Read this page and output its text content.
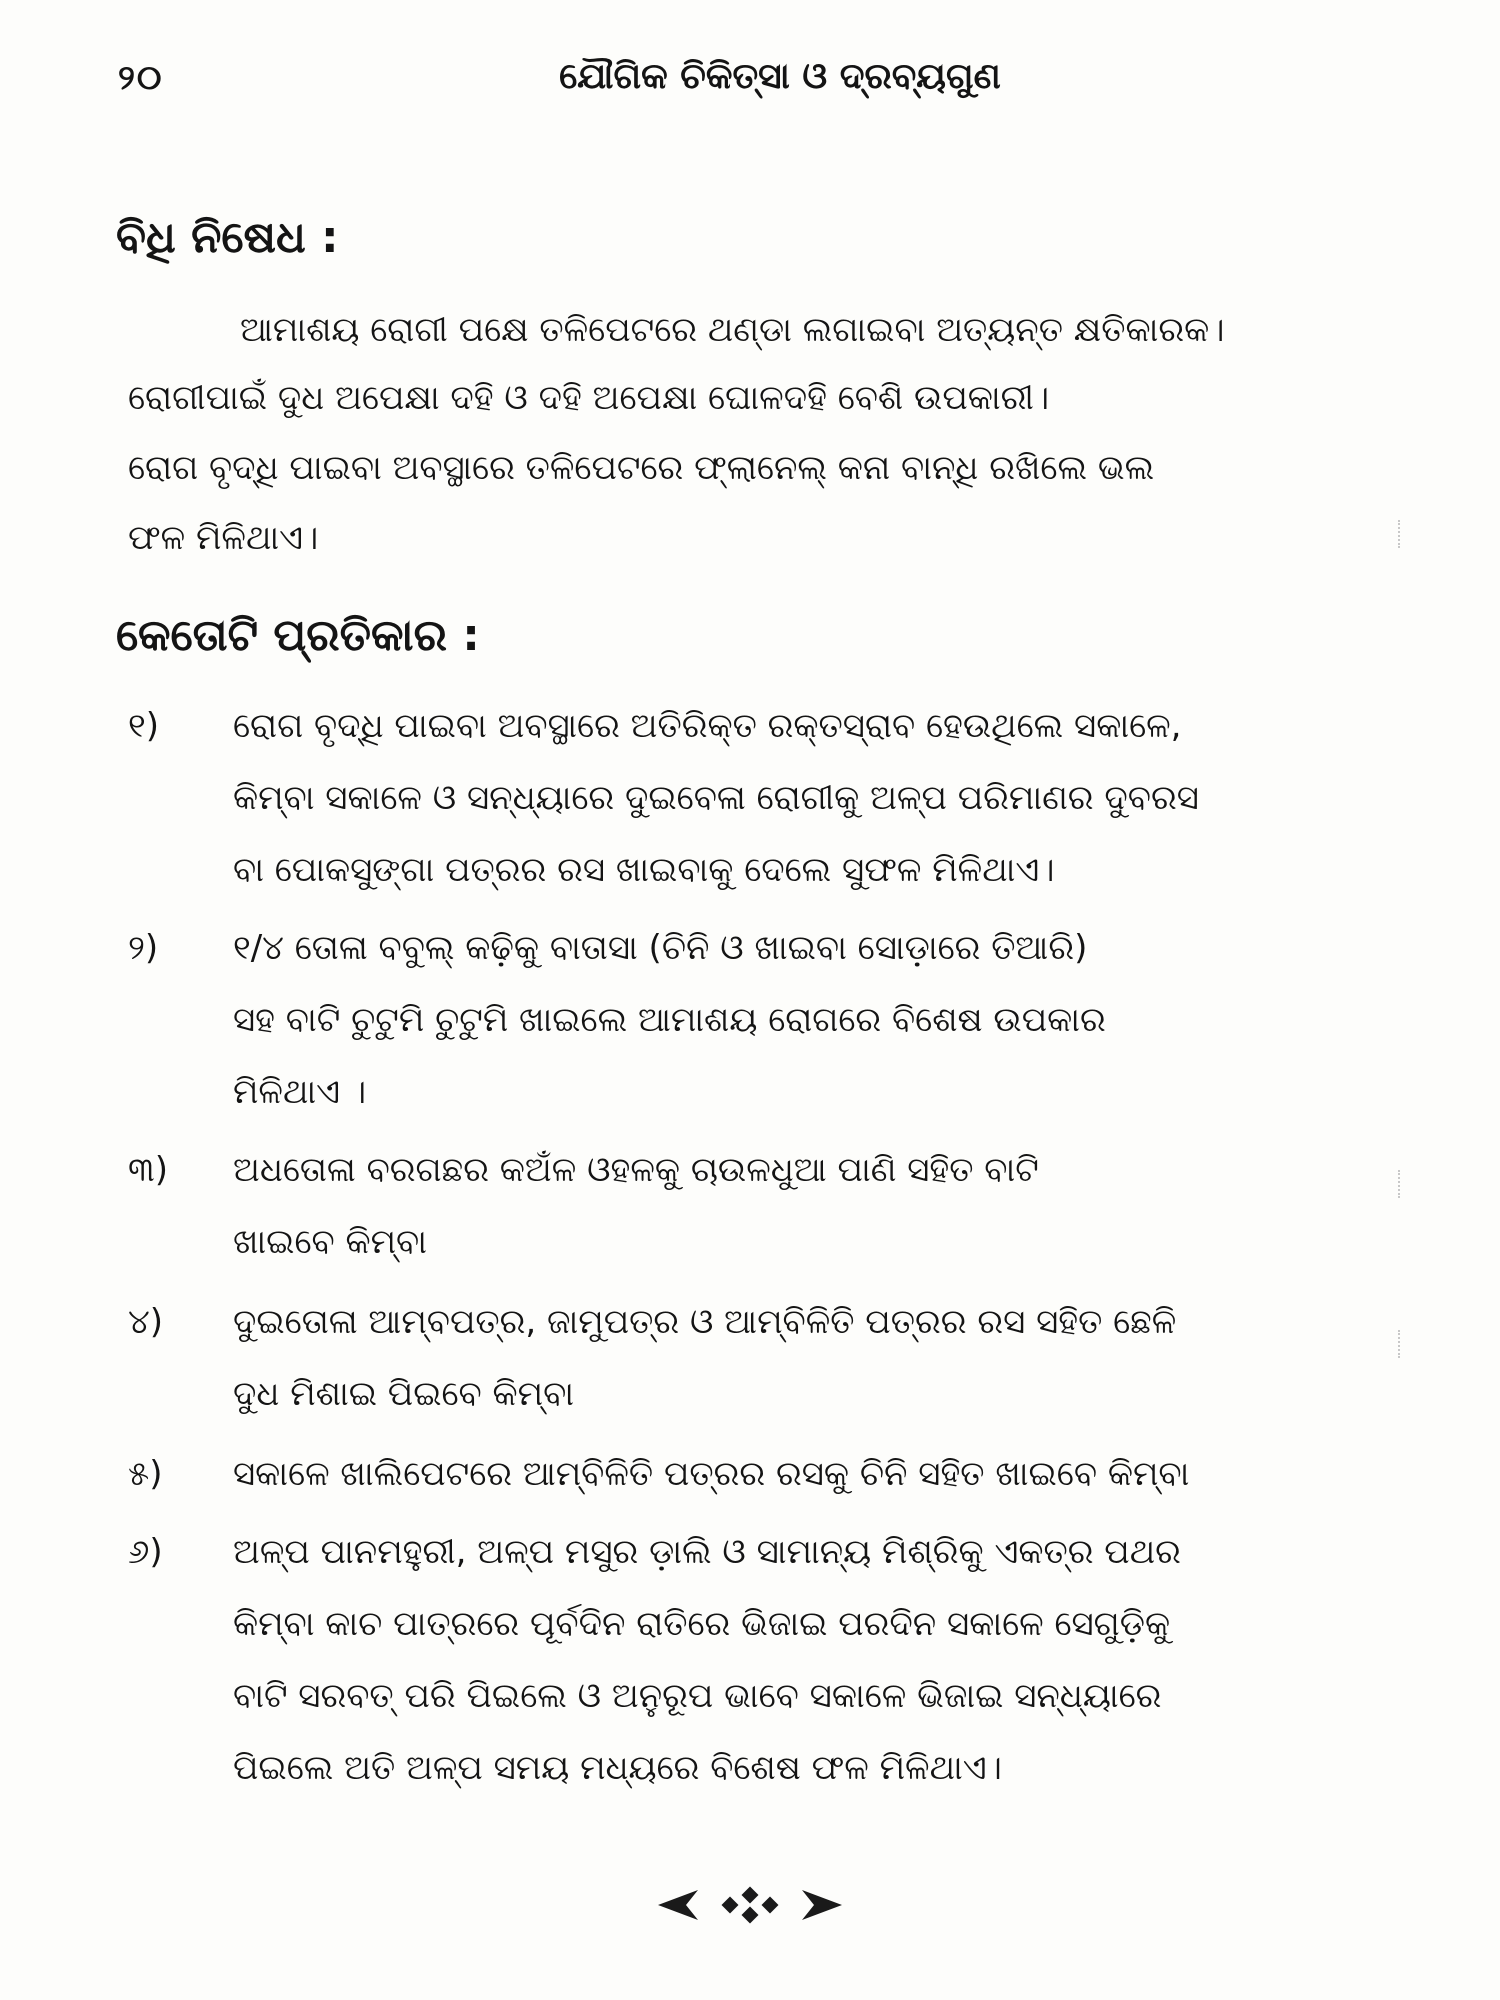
୨୦	ଯୌଗିକ ଚିକିତ୍ସା ଓ ଦ୍ରବ୍ୟଗୁଣ
ବିଧି ନିଷେଧ :
ଆମାଶୟ ରୋଗୀ ପକ୍ଷେ ତଳିପେଟରେ ଥଣ୍ଡା ଲଗାଇବା ଅତ୍ୟନ୍ତ କ୍ଷତିକାରକ।
ରୋଗୀପାଇଁ ଦୁଧ ଅପେକ୍ଷା ଦହି ଓ ଦହି ଅପେକ୍ଷା ଘୋଳଦହି ବେଶି ଉପକାରୀ।
ରୋଗ ବୃଦ୍ଧି ପାଇବା ଅବସ୍ଥାରେ ତଳିପେଟରେ ଫ୍ଲାନେଲ୍ କନା ବାନ୍ଧି ରଖିଲେ ଭଲ
ଫଳ ମିଳିଥାଏ।
କେତୋଟି ପ୍ରତିକାର :
୧)	ରୋଗ ବୃଦ୍ଧି ପାଇବା ଅବସ୍ଥାରେ ଅତିରିକ୍ତ ରକ୍ତସ୍ରାବ ହେଉଥିଲେ ସକାଳେ,
କିମ୍ବା ସକାଳେ ଓ ସନ୍ଧ୍ୟାରେ ଦୁଇବେଳା ରୋଗୀକୁ ଅଳ୍ପ ପରିମାଣର ଦୁବରସ
ବା ପୋକସୁଙ୍ଗା ପତ୍ରର ରସ ଖାଇବାକୁ ଦେଲେ ସୁଫଳ ମିଳିଥାଏ।
୨)	୧/୪ ତୋଳା ବବୁଲ୍ କଢ଼ିକୁ ବାତାସା (ଚିନି ଓ ଖାଇବା ସୋଡ଼ାରେ ତିଆରି)
ସହ ବାଟି ଚୁଟୁମି ଚୁଟୁମି ଖାଇଲେ ଆମାଶୟ ରୋଗରେ ବିଶେଷ ଉପକାର
ମିଳିଥାଏ ।
୩)	ଅଧତୋଳା ବରଗଛର କଅଁଳ ଓହଳକୁ ଚାଉଳଧୁଆ ପାଣି ସହିତ ବାଟି
ଖାଇବେ କିମ୍ବା
୪)	ଦୁଇତୋଳା ଆମ୍ବପତ୍ର, ଜାମୁପତ୍ର ଓ ଆମ୍ବିଳିତି ପତ୍ରର ରସ ସହିତ ଛେଳି
ଦୁଧ ମିଶାଇ ପିଇବେ କିମ୍ବା
୫)	ସକାଳେ ଖାଲିପେଟରେ ଆମ୍ବିଳିତି ପତ୍ରର ରସକୁ ଚିନି ସହିତ ଖାଇବେ କିମ୍ବା
୬)	ଅଳ୍ପ ପାନମହୁରୀ, ଅଳ୍ପ ମସୁର ଡ଼ାଲି ଓ ସାମାନ୍ୟ ମିଶ୍ରିକୁ ଏକତ୍ର ପଥର
କିମ୍ବା କାଚ ପାତ୍ରରେ ପୂର୍ବଦିନ ରାତିରେ ଭିଜାଇ ପରଦିନ ସକାଳେ ସେଗୁଡ଼ିକୁ
ବାଟି ସରବତ୍ ପରି ପିଇଲେ ଓ ଅନୁରୂପ ଭାବେ ସକାଳେ ଭିଜାଇ ସନ୍ଧ୍ୟାରେ
ପିଇଲେ ଅତି ଅଳ୍ପ ସମୟ ମଧ୍ୟରେ ବିଶେଷ ଫଳ ମିଳିଥାଏ।
